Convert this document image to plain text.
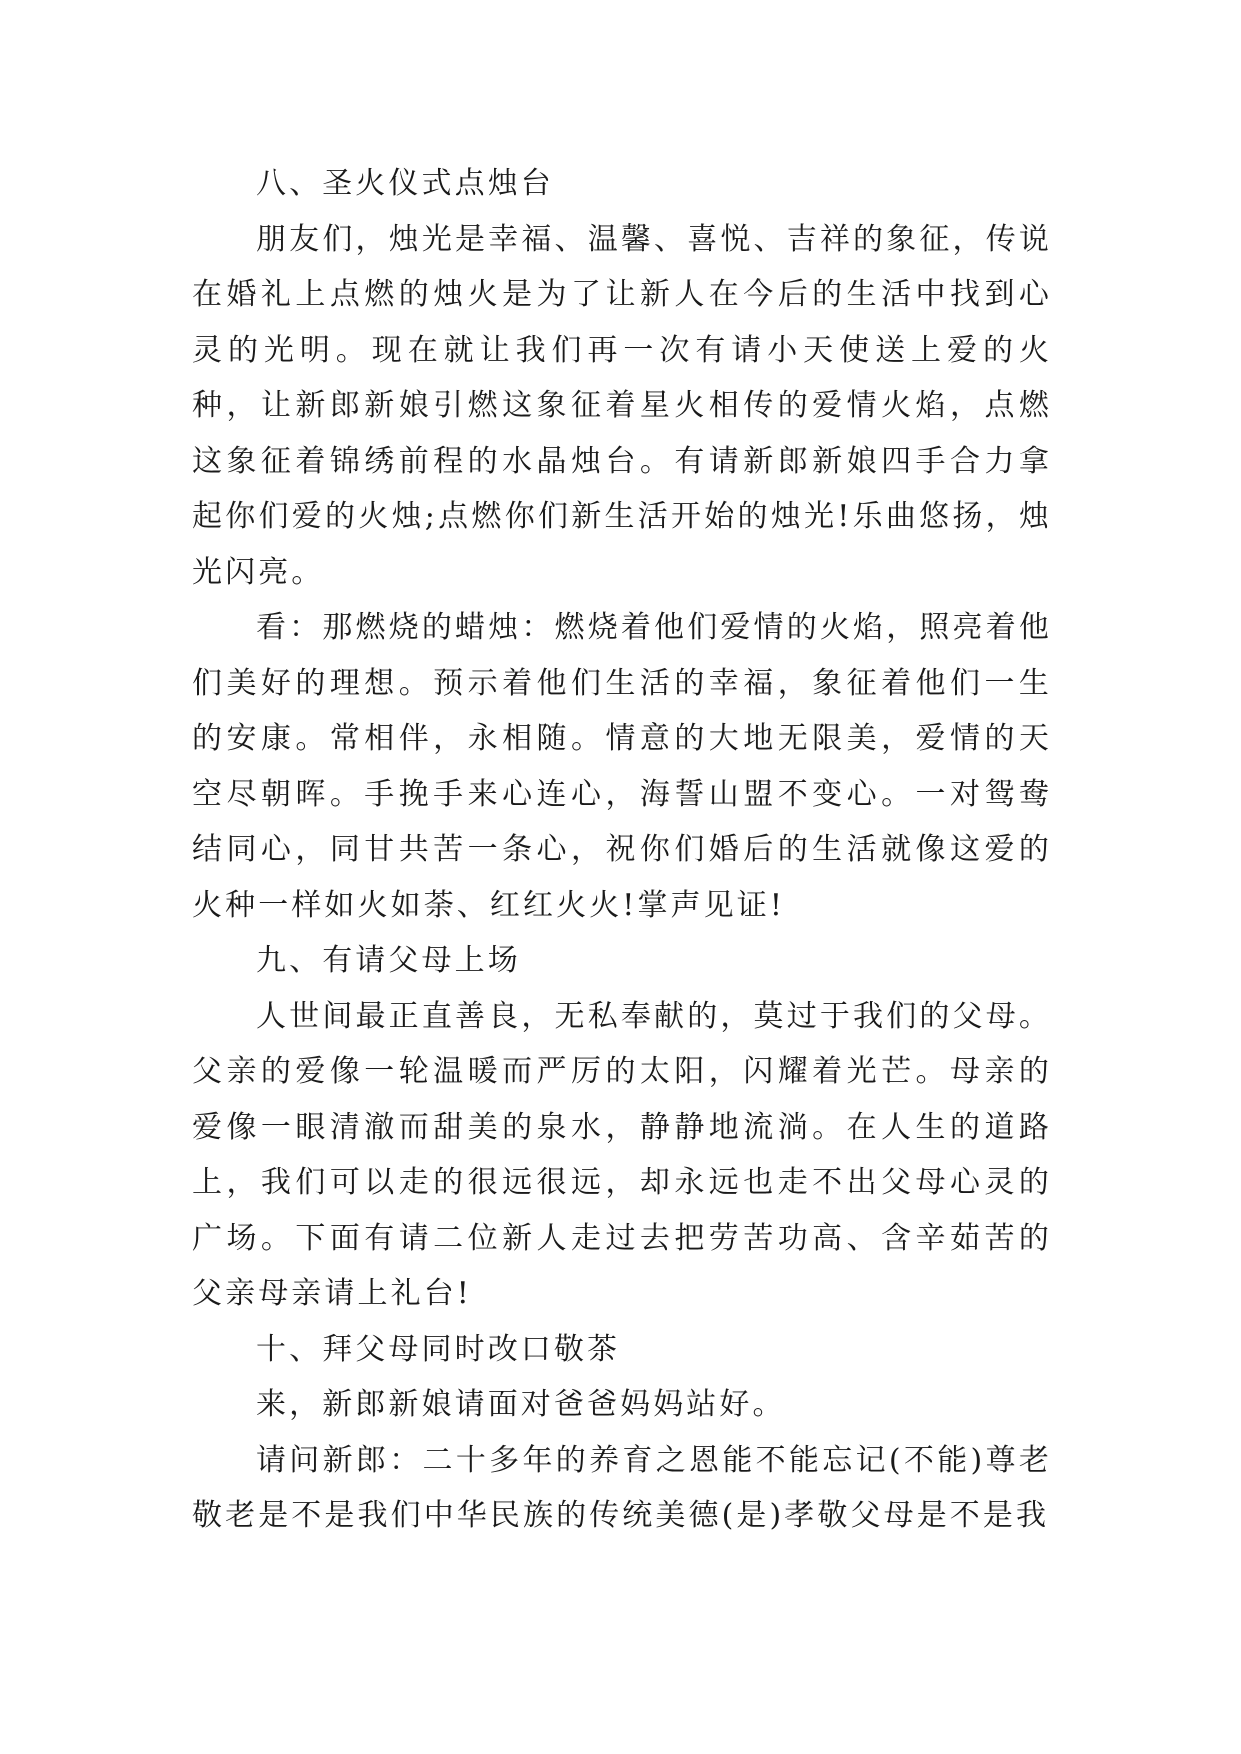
八、圣火仪式点烛台

朋友们，烛光是幸福、温馨、喜悦、吉祥的象征，传说在婚礼上点燃的烛火是为了让新人在今后的生活中找到心灵的光明。现在就让我们再一次有请小天使送上爱的火种，让新郎新娘引燃这象征着星火相传的爱情火焰，点燃这象征着锦绣前程的水晶烛台。有请新郎新娘四手合力拿起你们爱的火烛;点燃你们新生活开始的烛光!乐曲悠扬，烛光闪亮。

看：那燃烧的蜡烛：燃烧着他们爱情的火焰，照亮着他们美好的理想。预示着他们生活的幸福，象征着他们一生的安康。常相伴，永相随。情意的大地无限美，爱情的天空尽朝晖。手挽手来心连心，海誓山盟不变心。一对鸳鸯结同心，同甘共苦一条心，祝你们婚后的生活就像这爱的火种一样如火如荼、红红火火!掌声见证!

九、有请父母上场

人世间最正直善良，无私奉献的，莫过于我们的父母。父亲的爱像一轮温暖而严厉的太阳，闪耀着光芒。母亲的爱像一眼清澈而甜美的泉水，静静地流淌。在人生的道路上，我们可以走的很远很远，却永远也走不出父母心灵的广场。下面有请二位新人走过去把劳苦功高、含辛茹苦的父亲母亲请上礼台!

十、拜父母同时改口敬茶

来，新郎新娘请面对爸爸妈妈站好。

请问新郎：二十多年的养育之恩能不能忘记(不能)尊老敬老是不是我们中华民族的传统美德(是)孝敬父母是不是我
